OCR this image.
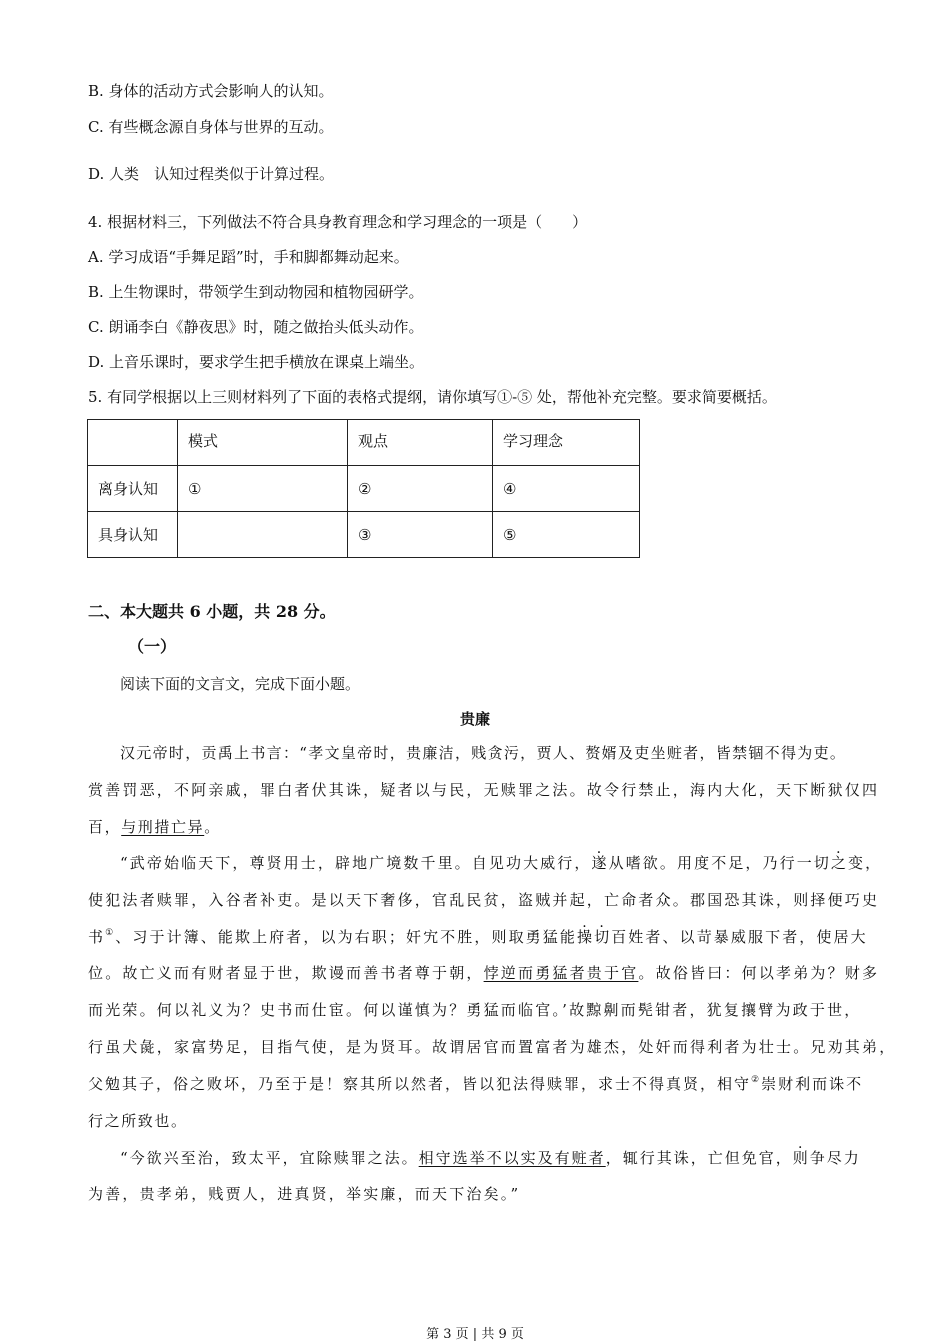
B. 身体的活动方式会影响人的认知。
C. 有些概念源自身体与世界的互动。
D. 人类　认知过程类似于计算过程。
4. 根据材料三，下列做法不符合具身教育理念和学习理念的一项是（　　）
A. 学习成语“手舞足蹈”时，手和脚都舞动起来。
B. 上生物课时，带领学生到动物园和植物园研学。
C. 朗诵李白《静夜思》时，随之做抬头低头动作。
D. 上音乐课时，要求学生把手横放在课桌上端坐。
5. 有同学根据以上三则材料列了下面的表格式提纲，请你填写①-⑤ 处，帮他补充完整。要求简要概括。
	模式	观点	学习理念
离身认知	①	②	④
具身认知		③	⑤
二、本大题共 6 小题，共 28 分。
（一）
阅读下面的文言文，完成下面小题。
贵廉
汉元帝时，贡禹上书言：“孝文皇帝时，贵廉洁，贱贪污，贾人、赘婿及吏坐赃者，皆禁锢不得为吏。
赏善罚恶，不阿亲戚，罪白者伏其诛，疑者以与民，无赎罪之法。故令行禁止，海内大化，天下断狱仅四
百，与刑措亡异。
“武帝始临天下，尊贤用士，辟地广境数千里。自见功大威行，遂从嗜欲。用度不足，乃行一切之变，
使犯法者赎罪，入谷者补吏。是以天下奢侈，官乱民贫，盗贼并起，亡命者众。郡国恐其诛，则择便巧史
书①、习于计簿、能欺上府者，以为右职；奸宄不胜，则取勇猛能操切百姓者、以苛暴威服下者，使居大
位。故亡义而有财者显于世，欺谩而善书者尊于朝，悖逆而勇猛者贵于官。故俗皆曰：何以孝弟为？财多
而光荣。何以礼义为？史书而仕宦。何以谨慎为？勇猛而临官。’故黥劓而髡钳者，犹复攘臂为政于世，
行虽犬彘，家富势足，目指气使，是为贤耳。故谓居官而置富者为雄杰，处奸而得利者为壮士。兄劝其弟，
父勉其子，俗之败坏，乃至于是！察其所以然者，皆以犯法得赎罪，求士不得真贤，相守②崇财利而诛不
行之所致也。
“今欲兴至治，致太平，宜除赎罪之法。相守选举不以实及有赃者，辄行其诛，亡但免官，则争尽力
为善，贵孝弟，贱贾人，进真贤，举实廉，而天下治矣。”
第 3 页 | 共 9 页
